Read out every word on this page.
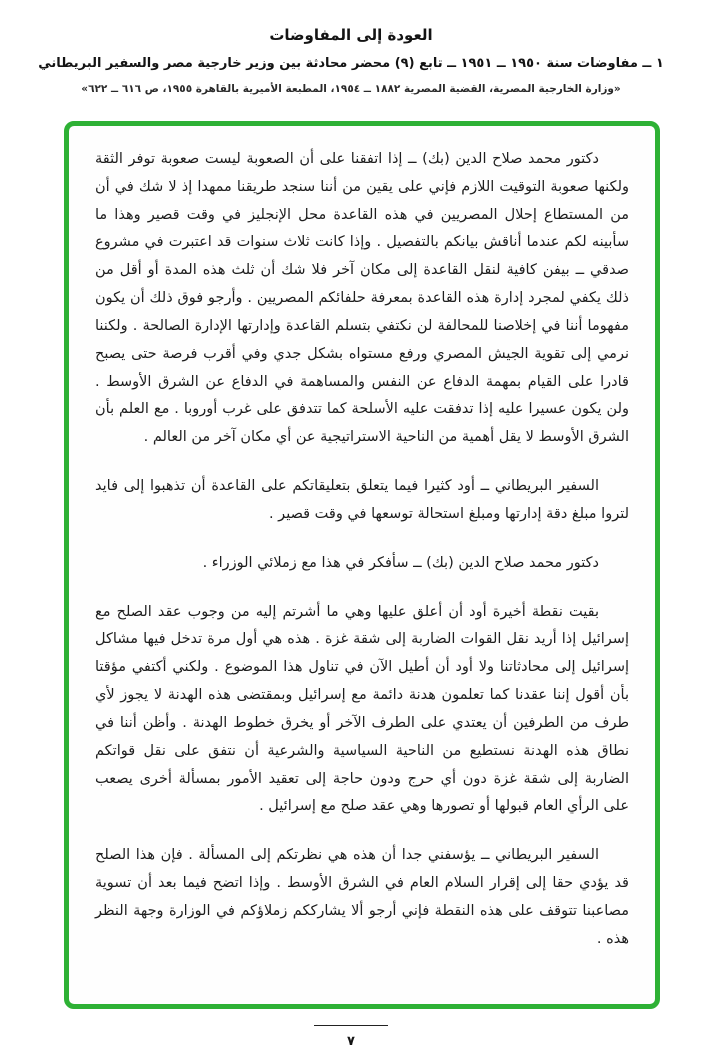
العودة إلى المفاوضات
١ ــ مفاوضات سنة ١٩٥٠ ــ ١٩٥١ ــ تابع (٩) محضر محادثة بين وزير خارجية مصر والسفير البريطاني
«وزارة الخارجية المصرية، القضية المصرية ١٨٨٢ ــ ١٩٥٤، المطبعة الأميرية بالقاهرة ١٩٥٥، ص ٦١٦ ــ ٦٢٢»

دكتور محمد صلاح الدين (بك) ــ إذا اتفقنا على أن الصعوبة ليست صعوبة توفر الثقة ولكنها صعوبة التوقيت اللازم فإني على يقين من أننا سنجد طريقنا ممهدا إذ لا شك في أن من المستطاع إحلال المصريين في هذه القاعدة محل الإنجليز في وقت قصير وهذا ما سأبينه لكم عندما أناقش بيانكم بالتفصيل . وإذا كانت ثلاث سنوات قد اعتبرت في مشروع صدقي ــ بيفن كافية لنقل القاعدة إلى مكان آخر فلا شك أن ثلث هذه المدة أو أقل من ذلك يكفي لمجرد إدارة هذه القاعدة بمعرفة حلفائكم المصريين . وأرجو فوق ذلك أن يكون مفهوما أننا في إخلاصنا للمحالفة لن نكتفي بتسلم القاعدة وإدارتها الإدارة الصالحة . ولكننا نرمي إلى تقوية الجيش المصري ورفع مستواه بشكل جدي وفي أقرب فرصة حتى يصبح قادرا على القيام بمهمة الدفاع عن النفس والمساهمة في الدفاع عن الشرق الأوسط . ولن يكون عسيرا عليه إذا تدفقت عليه الأسلحة كما تتدفق على غرب أوروبا . مع العلم بأن الشرق الأوسط لا يقل أهمية من الناحية الاستراتيجية عن أي مكان آخر من العالم .

السفير البريطاني ــ أود كثيرا فيما يتعلق بتعليقاتكم على القاعدة أن تذهبوا إلى فايد لتروا مبلغ دقة إدارتها ومبلغ استحالة توسعها في وقت قصير .

دكتور محمد صلاح الدين (بك) ــ سأفكر في هذا مع زملائي الوزراء .

بقيت نقطة أخيرة أود أن أعلق عليها وهي ما أشرتم إليه من وجوب عقد الصلح مع إسرائيل إذا أريد نقل القوات الضاربة إلى شقة غزة . هذه هي أول مرة تدخل فيها مشاكل إسرائيل إلى محادثاتنا ولا أود أن أطيل الآن في تناول هذا الموضوع . ولكني أكتفي مؤقتا بأن أقول إننا عقدنا كما تعلمون هدنة دائمة مع إسرائيل وبمقتضى هذه الهدنة لا يجوز لأي طرف من الطرفين أن يعتدي على الطرف الآخر أو يخرق خطوط الهدنة . وأظن أننا في نطاق هذه الهدنة نستطيع من الناحية السياسية والشرعية أن نتفق على نقل قواتكم الضاربة إلى شقة غزة دون أي حرج ودون حاجة إلى تعقيد الأمور بمسألة أخرى يصعب على الرأي العام قبولها أو تصورها وهي عقد صلح مع إسرائيل .

السفير البريطاني ــ يؤسفني جدا أن هذه هي نظرتكم إلى المسألة . فإن هذا الصلح قد يؤدي حقا إلى إقرار السلام العام في الشرق الأوسط . وإذا اتضح فيما بعد أن تسوية مصاعبنا تتوقف على هذه النقطة فإني أرجو ألا يشارككم زملاؤكم في الوزارة وجهة النظر هذه .

٧
